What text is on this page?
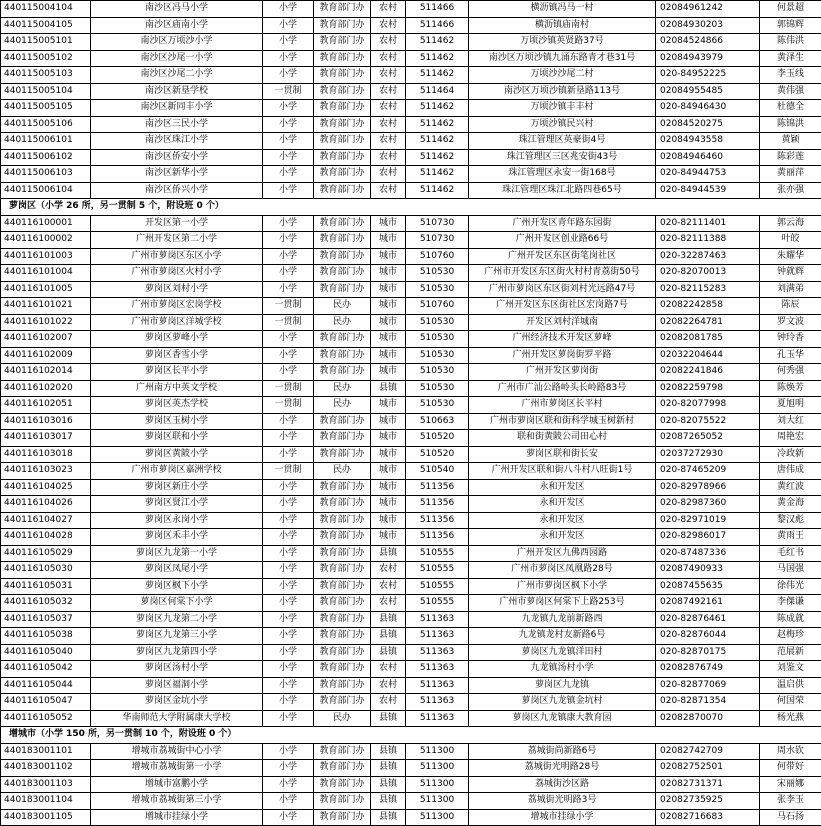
440115004104	南沙区冯马小学	小学	教育部门办	农村	511466	横沥镇冯马一村	02084961242	何景超
440115004105	南沙区庙南小学	小学	教育部门办	农村	511466	横沥镇庙南村	02084930203	郭锦辉
440115005101	南沙区万顷沙小学	小学	教育部门办	农村	511462	万顷沙镇英贤路37号	02084524866	陈伟洪
440115005102	南沙区沙尾一小学	小学	教育部门办	农村	511462	南沙区万顷沙镇九涌东路青才巷31号	02084943979	黄泽生
440115005103	南沙区沙尾二小学	小学	教育部门办	农村	511462	万顷沙沙尾二村	020-84952225	李玉线
440115005104	南沙区新垦学校	一贯制	教育部门办	农村	511464	南沙区万顷沙镇新垦路113号	02084955485	黄伟强
440115005105	南沙区新同丰小学	小学	教育部门办	农村	511462	万顷沙镇丰丰村	020-84946430	杜德全
440115005106	南沙区三民小学	小学	教育部门办	农村	511462	万顷沙镇民兴村	02084520275	陈锦洪
440115006101	南沙区珠江小学	小学	教育部门办	农村	511462	珠江管理区英豪街4号	02084943558	黄颖
440115006102	南沙区侨安小学	小学	教育部门办	农村	511462	珠江管理区三区兆安街43号	02084946460	陈彩莲
440115006103	南沙区新华小学	小学	教育部门办	农村	511462	珠江管理区永安一街168号	020-84944753	黄丽萍
440115006104	南沙区侨兴小学	小学	教育部门办	农村	511462	珠江管理区珠江北路四巷65号	020-84944539	张亦强
萝岗区（小学 26 所，另一贯制 5 个，附设班 0 个）								
440116100001	开发区第一小学	小学	教育部门办	城市	510730	广州开发区青年路东园街	020-82111401	郭云海
440116100002	广州开发区第二小学	小学	教育部门办	城市	510730	广州开发区创业路66号	020-82111388	叶皎
440116101003	广州市萝岗区东区小学	小学	教育部门办	城市	510760	广州开发区东区街笔岗社区	020-32287463	朱耀华
440116101004	广州市萝岗区火村小学	小学	教育部门办	城市	510530	广州市开发区东区街火村村青荔街50号	020-82070013	钟就辉
440116101005	萝岗区刘村小学	小学	教育部门办	城市	510530	广州市萝岗区东区街刘村光远路47号	020-82115283	刘满弟
440116101021	广州市萝岗区宏岗学校	一贯制	民办	城市	510760	广州开发区东区街社区宏岗路7号	02082242858	陈辰
440116101022	广州市萝岗区洋城学校	一贯制	民办	城市	510530	开发区刘村洋城南	02082264781	罗文波
440116102007	萝岗区萝峰小学	小学	教育部门办	城市	510530	广州经济技术开发区萝峰	02082081785	钟玲香
440116102009	萝岗区香雪小学	小学	教育部门办	城市	510530	广州开发区萝岗街罗平路	02032204644	孔玉华
440116102014	萝岗区长平小学	小学	教育部门办	城市	510530	广州开发区萝岗街	02082241846	何秀强
440116102020	广州南方中英文学校	一贯制	民办	县镇	510530	广州市广汕公路岭头长岭路83号	02082259798	陈焕芳
440116102051	萝岗区英杰学校	一贯制	民办	城市	510530	广州市萝岗区长平村	020-82077998	夏旭明
440116103016	萝岗区玉树小学	小学	教育部门办	城市	510663	广州市萝岗区联和街科学城玉树新村	020-82075522	刘大红
440116103017	萝岗区联和小学	小学	教育部门办	城市	510520	联和街黄陂公司田心村	02087265052	周艳宏
440116103018	萝岗区黄陂小学	小学	教育部门办	城市	510520	萝岗区联和街长安	02037272930	冷政新
440116103023	广州市萝岗区嘉洲学校	一贯制	民办	城市	510540	广州开发区联和街八斗村八旺街1号	020-87465209	唐伟成
440116104025	萝岗区新庄小学	小学	教育部门办	城市	511356	永和开发区	020-82978966	黄红波
440116104026	萝岗区贤江小学	小学	教育部门办	城市	511356	永和开发区	020-82987360	黄金海
440116104027	萝岗区永岗小学	小学	教育部门办	城市	511356	永和开发区	020-82971019	黎汉彪
440116104028	萝岗区禾丰小学	小学	教育部门办	城市	511356	永和开发区	020-82986017	黄雨王
440116105029	萝岗区九龙第一小学	小学	教育部门办	县镇	510555	广州开发区九佛西园路	020-87487336	毛红书
440116105030	萝岗区凤尾小学	小学	教育部门办	农村	510555	广州市萝岗区凤凰路28号	02087490933	马国强
440116105031	萝岗区枫下小学	小学	教育部门办	农村	510555	广州市萝岗区枫下小学	02087455635	徐伟光
440116105032	萝岗区何棠下小学	小学	教育部门办	农村	510555	广州市萝岗区何棠下上路253号	02087492161	李傑谦
440116105037	萝岗区九龙第二小学	小学	教育部门办	县镇	511363	九龙镇九龙前新路西	020-82876461	陈成就
440116105038	萝岗区九龙第三小学	小学	教育部门办	县镇	511363	九龙镇龙村友新路6号	020-82876044	赵梅珍
440116105040	萝岗区九龙第四小学	小学	教育部门办	县镇	511363	萝岗区九龙镇洋田村	020-82870175	范展新
440116105042	萝岗区汤村小学	小学	教育部门办	农村	511363	九龙镇汤村小学	02082876749	刘鉴文
440116105044	萝岗区福洞小学	小学	教育部门办	农村	511363	萝岗区九龙镇	020-82877069	温启供
440116105047	萝岗区金坑小学	小学	教育部门办	农村	511363	萝岗区九龙镇金坑村	020-82871354	何国荣
440116105052	华南师范大学附属康大学校	小学	民办	县镇	511363	萝岗区九龙镇康大教育园	02082870070	杨光燕
增城市（小学 150 所，另一贯制 10 个，附设班 0 个）								
440183001101	增城市荔城街中心小学	小学	教育部门办	县镇	511300	荔城街尚新路6号	02082742709	周水钦
440183001102	增城市荔城街第一小学	小学	教育部门办	县镇	511300	荔城街光明路28号	02082752501	何带好
440183001103	增城市富鹏小学	小学	教育部门办	县镇	511300	荔城街沙区路	02082731371	宋丽娜
440183001104	增城市荔城街第三小学	小学	教育部门办	县镇	511300	荔城街光明路3号	02082735925	张李玉
440183001105	增城市挂绿小学	小学	教育部门办	县镇	511300	增城市挂绿小学	02082716683	马石扬
